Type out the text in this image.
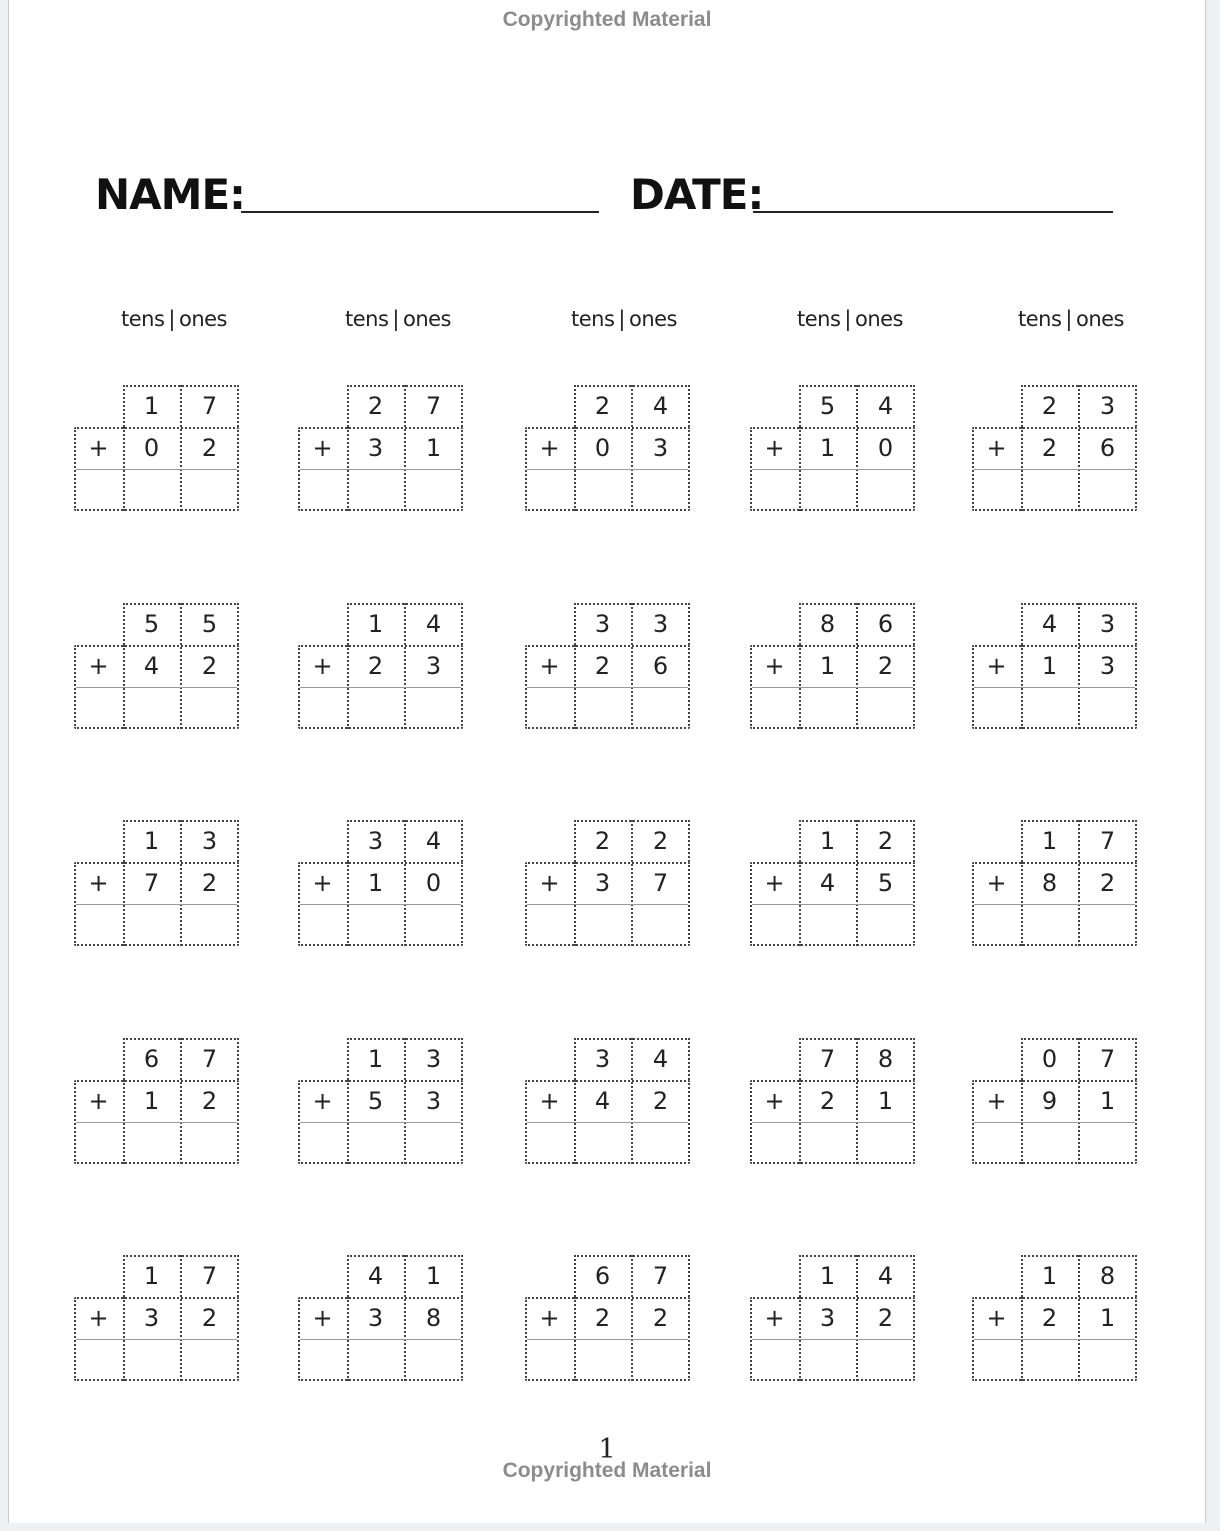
Copyrighted Material
NAME:	DATE:
tens | ones	tens | ones	tens | ones	tens | ones	tens | ones
1	7
+	0	2
2	7
+	3	1
2	4
+	0	3
5	4
+	1	0
2	3
+	2	6
5	5
+	4	2
1	4
+	2	3
3	3
+	2	6
8	6
+	1	2
4	3
+	1	3
1	3
+	7	2
3	4
+	1	0
2	2
+	3	7
1	2
+	4	5
1	7
+	8	2
6	7
+	1	2
1	3
+	5	3
3	4
+	4	2
7	8
+	2	1
0	7
+	9	1
1	7
+	3	2
4	1
+	3	8
6	7
+	2	2
1	4
+	3	2
1	8
+	2	1
1
Copyrighted Material
